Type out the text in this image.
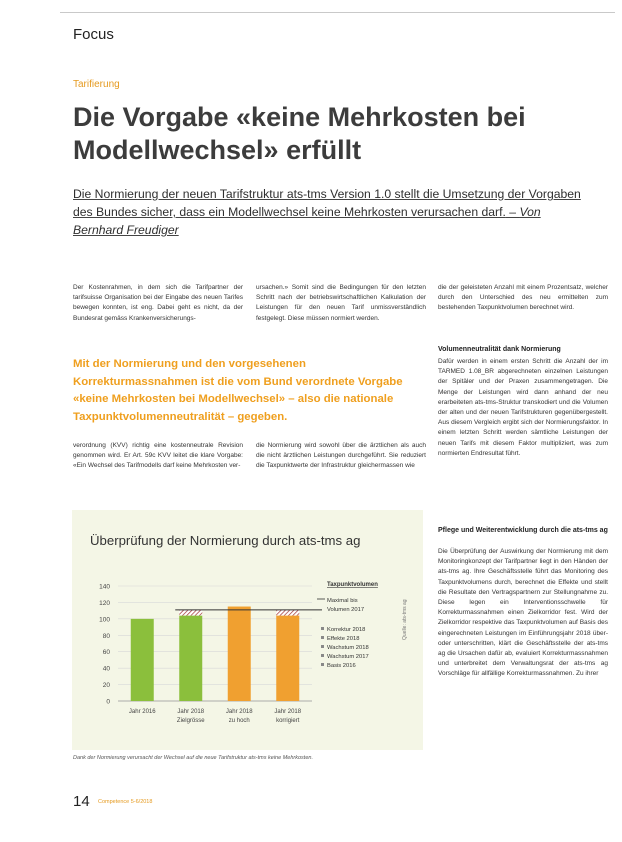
Focus
Tarifierung
Die Vorgabe «keine Mehrkosten bei Modellwechsel» erfüllt
Die Normierung der neuen Tarifstruktur ats-tms Version 1.0 stellt die Umsetzung der Vorgaben des Bundes sicher, dass ein Modellwechsel keine Mehrkosten verursachen darf. – Von Bernhard Freudiger
Der Kostenrahmen, in dem sich die Tarifpartner der tarifsuisse Organisation bei der Eingabe des neuen Tarifes bewegen konnten, ist eng. Dabei geht es nicht, da der Bundesrat gemäss Krankenversicherungs-
ursachen.» Somit sind die Bedingungen für den letzten Schritt nach der betriebswirtschaftlichen Kalkulation der Leistungen für den neuen Tarif unmissverständlich festgelegt. Diese müssen normiert werden.
Mit der Normierung und den vorgesehenen Korrekturmassnahmen ist die vom Bund verordnete Vorgabe «keine Mehrkosten bei Modellwechsel» – also die nationale Taxpunktvolumenneutralität – gegeben.
verordnung (KVV) richtig eine kostenneutrale Revision genommen wird. Er Art. 59c KVV leitet die klare Vorgabe: «Ein Wechsel des Tarifmodells darf keine Mehrkosten ver-
die Normierung wird sowohl über die ärztlichen als auch die nicht ärztlichen Leistungen durchgeführt. Sie reduziert die Taxpunktwerte der Infrastruktur gleichermassen wie
die der geleisteten Anzahl mit einem Prozentsatz, welcher durch den Unterschied des neu ermittelten zum bestehenden Taxpunktvolumen berechnet wird.
Volumenneutralität dank Normierung
Dafür werden in einem ersten Schritt die Anzahl der im TARMED 1.08_BR abgerechneten einzelnen Leistungen der Spitäler und der Praxen zusammengetragen. Die Menge der Leistungen wird dann anhand der neu erarbeiteten ats-tms-Struktur transkodiert und die Volumen der alten und der neuen Tarifstrukturen gegenübergestellt. Aus diesem Vergleich ergibt sich der Normierungsfaktor. In einem letzten Schritt werden sämtliche Leistungen der neuen Tarifs mit diesem Faktor multipliziert, was zum normierten Endresultat führt.
Pflege und Weiterentwicklung durch die ats-tms ag
Die Überprüfung der Auswirkung der Normierung mit dem Monitoringkonzept der Tarifpartner liegt in den Händen der ats-tms ag. Ihre Geschäftsstelle führt das Monitoring des Taxpunktvolumens durch, berechnet die Effekte und stellt die Resultate den Vertragspartnern zur Stellungnahme zu. Diese legen ein Interventionsschwelle für Korrekturmassnahmen einen Zielkorridor fest. Wird der Zielkorridor respektive das Taxpunktvolumen auf Basis des eingerechneten Leistungen im Einführungsjahr 2018 über- oder unterschritten, klärt die Geschäftsstelle der ats-tms ag die Ursachen dafür ab, evaluiert Korrekturmassnahmen und unterbreitet dem Verwaltungsrat der ats-tms ag Vorschläge für allfällige Korrekturmassnahmen. Zu ihrer
Überprüfung der Normierung durch ats-tms ag
0
20
40
60
80
100
120
140
Jahr 2016	Jahr 2018
Zielgrösse
Jahr 2018
zu hoch
Jahr 2018
korrigiert
Taxpunktvolumen
Maximal bis
Volumen 2017
Korrektur 2018
Effekte 2018
Wachstum 2018
Wachstum 2017
Basis 2016
Quelle: ats-tms ag
Dank der Normierung verursacht der Wechsel auf die neue Tarifstruktur ats-tms keine Mehrkosten.
14 Competence 5-6/2018
